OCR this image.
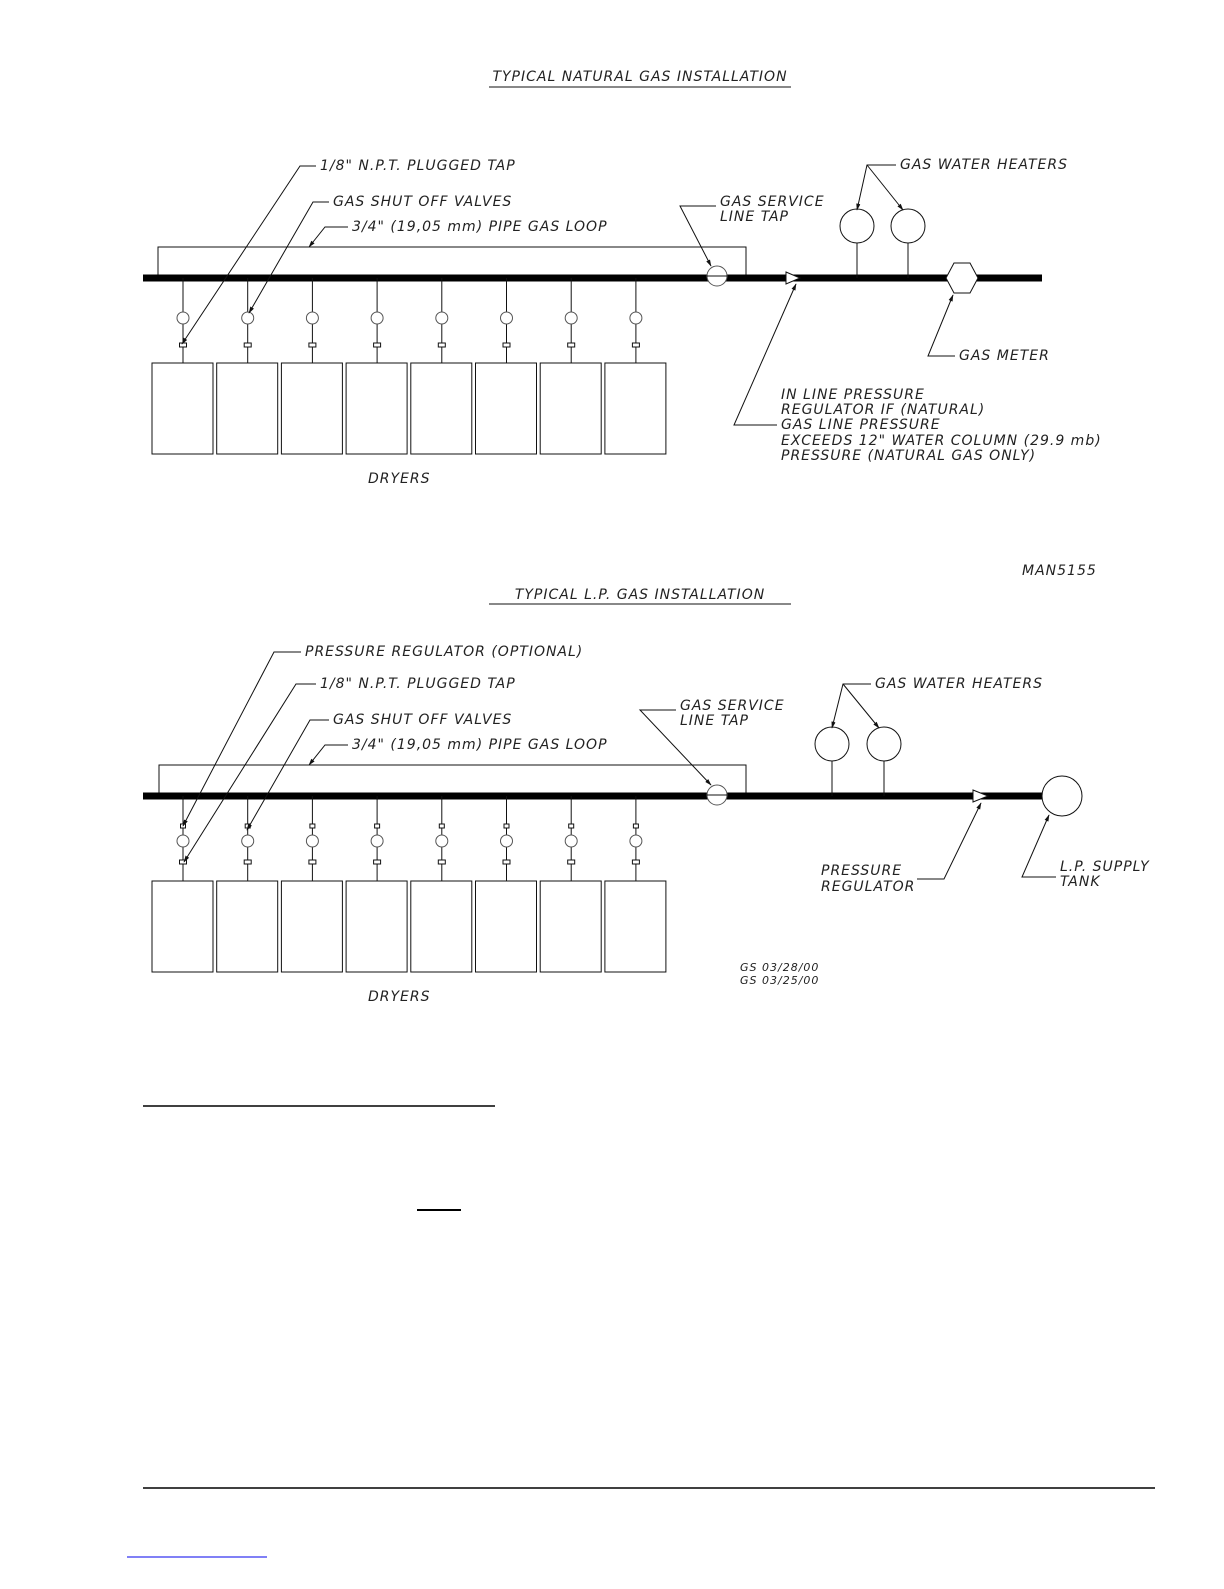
TYPICAL NATURAL GAS INSTALLATION
1/8" N.P.T. PLUGGED TAP
GAS SHUT OFF VALVES
3/4" (19,05 mm) PIPE GAS LOOP
GAS SERVICE
LINE TAP
GAS WATER HEATERS
GAS METER
IN LINE PRESSURE
REGULATOR IF (NATURAL)
GAS LINE PRESSURE
EXCEEDS 12" WATER COLUMN (29.9 mb)
PRESSURE (NATURAL GAS ONLY)
DRYERS
MAN5155
TYPICAL L.P. GAS INSTALLATION
PRESSURE REGULATOR (OPTIONAL)
1/8" N.P.T. PLUGGED TAP
GAS SHUT OFF VALVES
3/4" (19,05 mm) PIPE GAS LOOP
GAS SERVICE
LINE TAP
GAS WATER HEATERS
PRESSURE
REGULATOR
L.P. SUPPLY
TANK
GS 03/28/00
GS 03/25/00
DRYERS
